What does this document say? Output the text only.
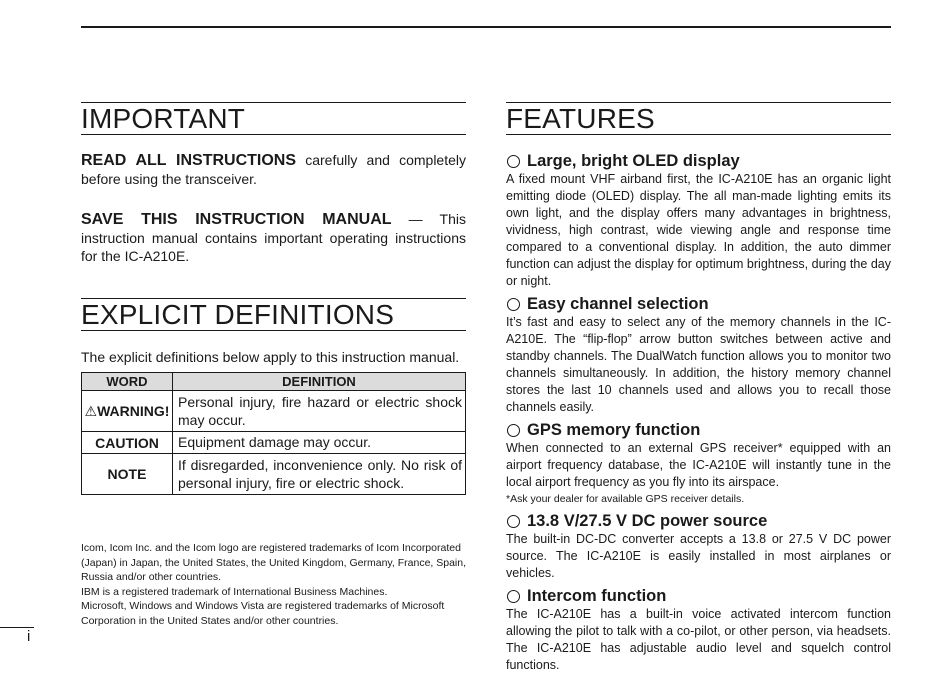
IMPORTANT

READ ALL INSTRUCTIONS carefully and completely before using the transceiver.

SAVE THIS INSTRUCTION MANUAL — This instruction manual contains important operating instructions for the IC-A210E.

EXPLICIT DEFINITIONS

The explicit definitions below apply to this instruction manual.

WORD	DEFINITION
⚠WARNING!	Personal injury, fire hazard or electric shock may occur.
CAUTION	Equipment damage may occur.
NOTE	If disregarded, inconvenience only. No risk of personal injury, fire or electric shock.

Icom, Icom Inc. and the Icom logo are registered trademarks of Icom Incorporated (Japan) in Japan, the United States, the United Kingdom, Germany, France, Spain, Russia and/or other countries.

IBM is a registered trademark of International Business Machines.

Microsoft, Windows and Windows Vista are registered trademarks of Microsoft Corporation in the United States and/or other countries.

i
FEATURES
Large, bright OLED display

A fixed mount VHF airband first, the IC-A210E has an organic light emitting diode (OLED) display. The all man-made lighting emits its own light, and the display offers many advantages in brightness, vividness, high contrast, wide viewing angle and response time compared to a conventional display. In addition, the auto dimmer function can adjust the display for optimum brightness, during the day or night.

Easy channel selection

It’s fast and easy to select any of the memory channels in the IC-A210E. The “flip-flop” arrow button switches between active and standby channels. The DualWatch function allows you to monitor two channels simultaneously. In addition, the history memory channel stores the last 10 channels used and allows you to recall those channels easily.

GPS memory function

When connected to an external GPS receiver* equipped with an airport frequency database, the IC-A210E will instantly tune in the local airport frequency as you fly into its airspace.

*Ask your dealer for available GPS receiver details.

13.8 V/27.5 V DC power source

The built-in DC-DC converter accepts a 13.8 or 27.5 V DC power source. The IC-A210E is easily installed in most airplanes or vehicles.

Intercom function

The IC-A210E has a built-in voice activated intercom function allowing the pilot to talk with a co-pilot, or other person, via headsets. The IC-A210E has adjustable audio level and squelch control functions.
